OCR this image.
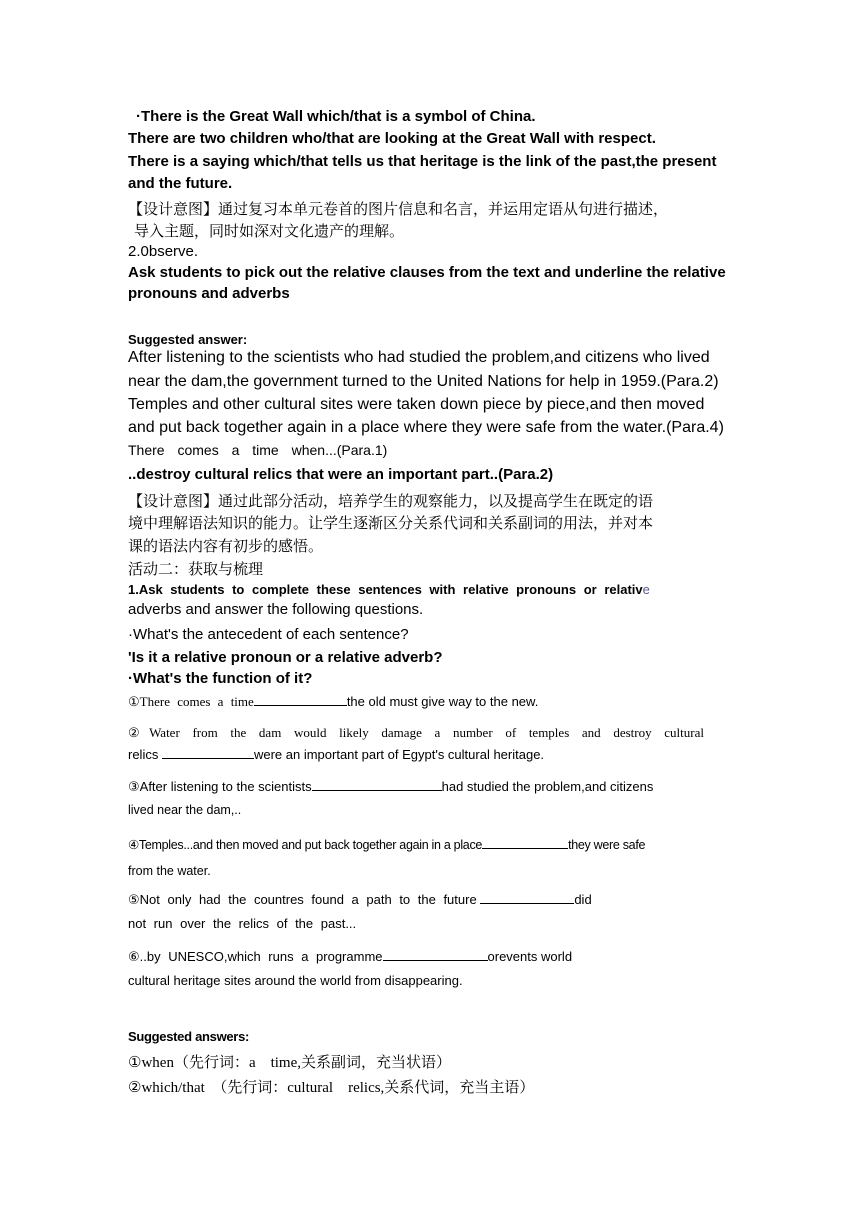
·There is the Great Wall which/that is a symbol of China.
There are two children who/that are looking at the Great Wall with respect.
There is a saying which/that tells us that heritage is the link of the past,the present
and the future.
【设计意图】通过复习本单元卷首的图片信息和名言，并运用定语从句进行描述，
导入主题，同时如深对文化遗产的理解。
2.0bserve.
Ask students to pick out the relative clauses from the text and underline the relative
pronouns and adverbs
Suggested answer:
After listening to the scientists who had studied the problem,and citizens who lived
near the dam,the government turned to the United Nations for help in 1959.(Para.2)
Temples and other cultural sites were taken down piece by piece,and then moved
and put back together again in a place where they were safe from the water.(Para.4)
There comes a time when...(Para.1)
..destroy cultural relics that were an important part..(Para.2)
【设计意图】通过此部分活动，培养学生的观察能力，以及提高学生在既定的语
境中理解语法知识的能力。让学生逐渐区分关系代词和关系副词的用法，并对本
课的语法内容有初步的感悟。
活动二：获取与梳理
1.Ask students to complete these sentences with relative pronouns or relative
adverbs and answer the following questions.
·What's the antecedent of each sentence?
'Is it a relative pronoun or a relative adverb?
·What's the function of it?
①There comes a time	the old must give way to the new.
②Water from the dam would likely damage a number of temples and destroy cultural
relics	were an important part of Egypt's cultural heritage.
③After listening to the scientists	had studied the problem,and citizens
lived near the dam,..
④Temples...and then moved and put back together again in a place	they were safe
from the water.
⑤Not only had the countres found a path to the future	did
not run over the relics of the past...
⑥..by UNESCO,which runs a programme	orevents world
cultural heritage sites around the world from disappearing.
Suggested answers:
①when（先行词：a    time,关系副词，充当状语）
②which/that  （先行词：cultural    relics,关系代词，充当主语）
